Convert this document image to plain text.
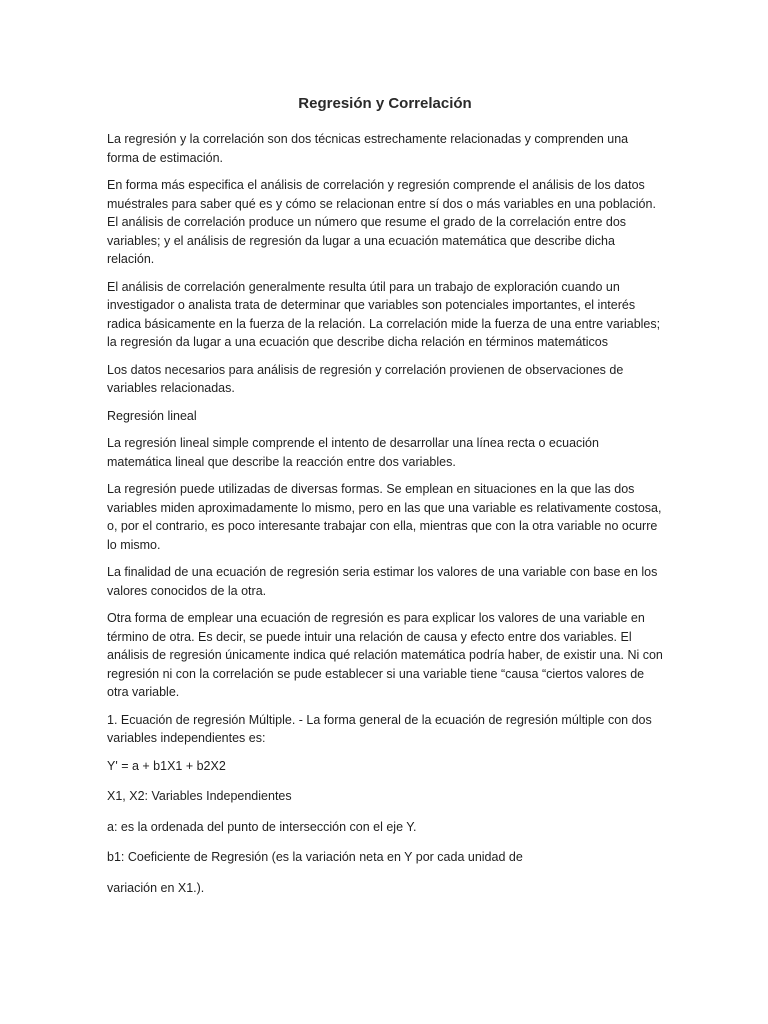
Regresión y Correlación

La regresión y la correlación son dos técnicas estrechamente relacionadas y comprenden una forma de estimación.

En forma más especifica el análisis de correlación y regresión comprende el análisis de los datos muéstrales para saber qué es y cómo se relacionan entre sí dos o más variables en una población. El análisis de correlación produce un número que resume el grado de la correlación entre dos variables; y el análisis de regresión da lugar a una ecuación matemática que describe dicha relación.

El análisis de correlación generalmente resulta útil para un trabajo de exploración cuando un investigador o analista trata de determinar que variables son potenciales importantes, el interés radica básicamente en la fuerza de la relación. La correlación mide la fuerza de una entre variables; la regresión da lugar a una ecuación que describe dicha relación en términos matemáticos

Los datos necesarios para análisis de regresión y correlación provienen de observaciones de variables relacionadas.

Regresión lineal

La regresión lineal simple comprende el intento de desarrollar una línea recta o ecuación matemática lineal que describe la reacción entre dos variables.

La regresión puede utilizadas de diversas formas. Se emplean en situaciones en la que las dos variables miden aproximadamente lo mismo, pero en las que una variable es relativamente costosa, o, por el contrario, es poco interesante trabajar con ella, mientras que con la otra variable no ocurre lo mismo.

La finalidad de una ecuación de regresión seria estimar los valores de una variable con base en los valores conocidos de la otra.

Otra forma de emplear una ecuación de regresión es para explicar los valores de una variable en término de otra. Es decir, se puede intuir una relación de causa y efecto entre dos variables. El análisis de regresión únicamente indica qué relación matemática podría haber, de existir una. Ni con regresión ni con la correlación se pude establecer si una variable tiene “causa “ciertos valores de otra variable.

1. Ecuación de regresión Múltiple. - La forma general de la ecuación de regresión múltiple con dos variables independientes es:

Y' = a + b1X1 + b2X2

X1, X2: Variables Independientes

a: es la ordenada del punto de intersección con el eje Y.

b1: Coeficiente de Regresión (es la variación neta en Y por cada unidad de

variación en X1.).
